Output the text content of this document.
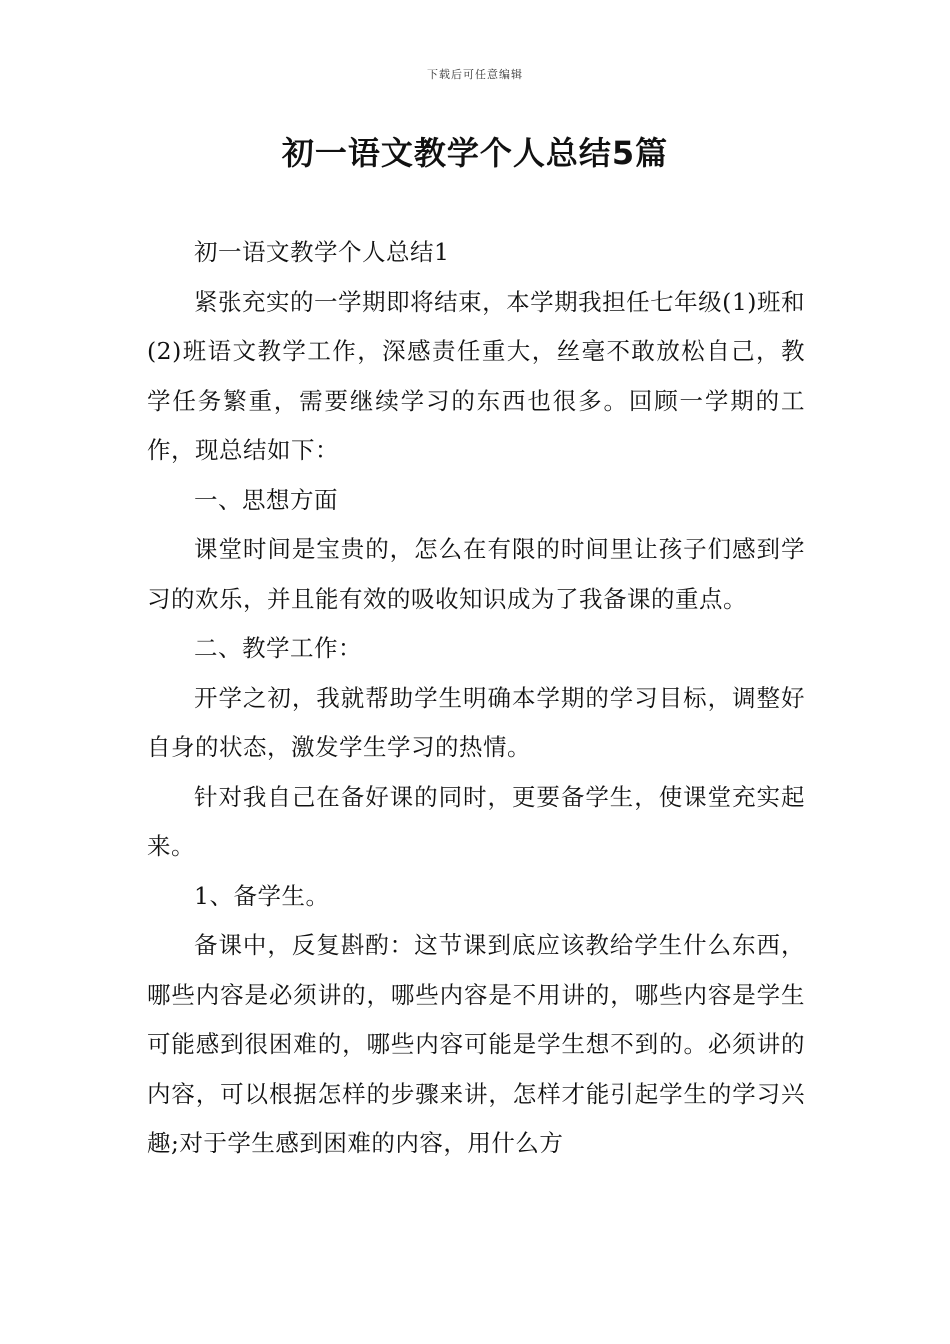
下载后可任意编辑
初一语文教学个人总结5篇

初一语文教学个人总结1

紧张充实的一学期即将结束，本学期我担任七年级(1)班和(2)班语文教学工作，深感责任重大，丝毫不敢放松自己，教学任务繁重，需要继续学习的东西也很多。回顾一学期的工作，现总结如下：

一、思想方面

课堂时间是宝贵的，怎么在有限的时间里让孩子们感到学习的欢乐，并且能有效的吸收知识成为了我备课的重点。

二、教学工作：

开学之初，我就帮助学生明确本学期的学习目标，调整好自身的状态，激发学生学习的热情。

针对我自己在备好课的同时，更要备学生，使课堂充实起来。

1、备学生。

备课中，反复斟酌：这节课到底应该教给学生什么东西，哪些内容是必须讲的，哪些内容是不用讲的，哪些内容是学生可能感到很困难的，哪些内容可能是学生想不到的。必须讲的内容，可以根据怎样的步骤来讲，怎样才能引起学生的学习兴趣;对于学生感到困难的内容，用什么方
